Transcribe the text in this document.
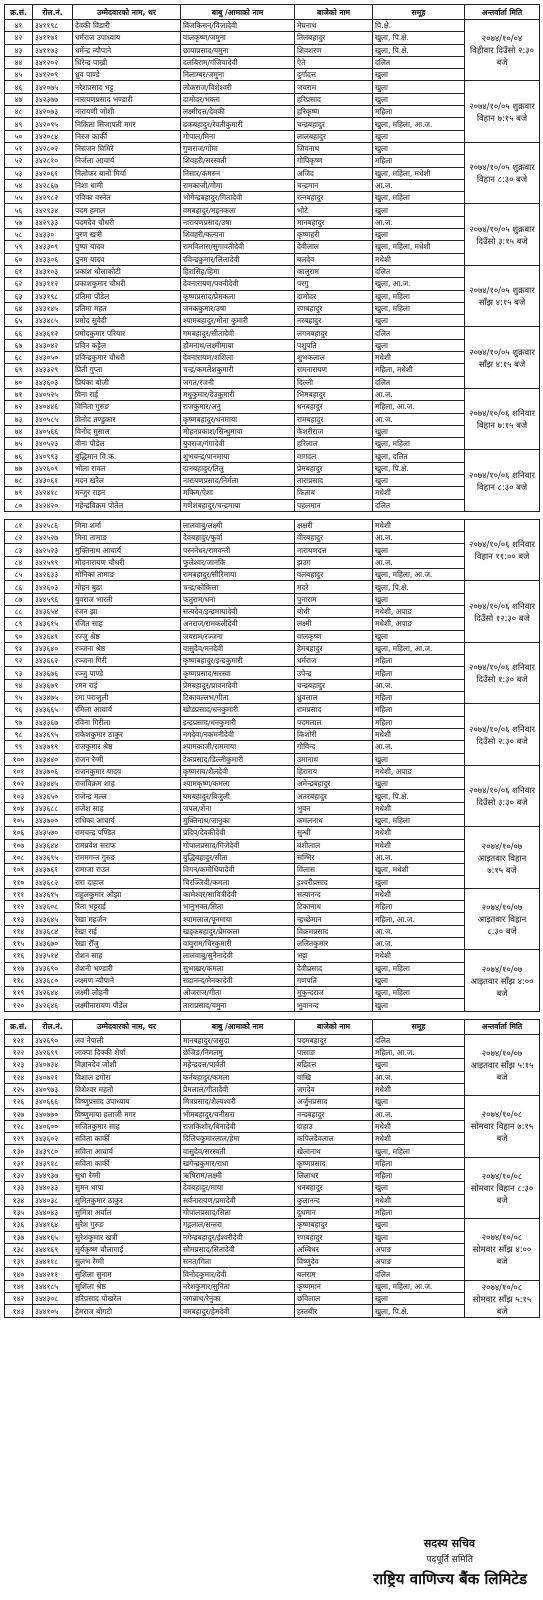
क्र.सं.	रोल.नं.	उम्मेदवारको नाम, थर	बाबु /आमाको नाम	बाजेको नाम	समूह	अन्तर्वार्ता मिति
४१	३४११९८	देवकी विडारी	विजकिसन/विजादेवी	मेघनाथ	पि.क्षे.	२०७४/१०/०४ विहीवार दिउँसो २:३० बजे
४२	३४११७१	धर्मराज उपाध्याय	वालकृष्ण/जमुना	तिलबहादुर	खुला, पि.क्षे.	
४३	३४११७३	धर्मेन्द्र न्यौपाने	छायाप्रसाद/यमुना	शिवशरण	खुला, पि.क्षे.	
४४	३४१२०२	धिरेन्द्र पाख्री	दलबिराम/गंजियादेवी	ऐते	दलित	
४५	३४१२०९	ध्रुव पाण्डे	निलाम्बर/जमुना	दुर्गादत्त	खुला	
४६	३४२०७५	नरेशप्रसाद भट्ट	लोकराज/विशेश्वरी	जयराम	खुला	२०७४/१०/०५ शुक्रवार विहान ७:१५ बजे
४७	३४२३७७	नारायणप्रसाद भण्डारी	दामोदर/भक्ता	हरिप्रसाद	खुला	
४८	३४२०७३	नारायणी जोशी	लक्ष्मीदत्त/देवकी	हरिकृष्ण	महिला	
४९	३४२०९५	निकिता सिजापती मगर	ढकबहादुर/रेवतीकुमारी	चन्द्रबहादुर	खुला, महिला, आ.ज.	
५०	३४२०८४	निरज कार्की	गोपाल/मिना	लालबहादुर	खुला	
५१	३४२८०२	निराजन घिमिरे	गुणराज/गोमा	जिवनाथ	खुला	२०७४/१०/०५ शुक्रवार विहान ८:३० बजे
५२	३४२८१०	निर्जला आचार्य	शिवहरी/सरस्वती	गोपिकृष्ण	महिला	
५३	३४२०६१	निलोफर बानो मिर्या	निसार/कमरुन	अजिद	खुला, महिला, मधेशी	
५४	३४२८६७	निशा धामी	रामकाजी/गोमा	चन्द्रमान	आ.ज.	
५५	३४२९८२	पविका वस्नेत	भोगेन्द्रबहादुर/गितादेवी	रत्नबहादुर	खुला, महिला	
५६	३४२९३४	पदम हमाल	वमबहादुर/मइनकला	भोटे	खुला	२०७४/१०/०५ शुक्रवार दिउँसो ३:१५ बजे
५७	३४२९३३	पदमदेव चौधरी	नारायणप्रसाद/उषा	मानबहादुर	आ.ज.	
५८	३४३३०	पुरण खत्री	शिवहरी/कल्पना	कृष्णहरी	खुला	
५९	३४३३०९	पुष्पा यादव	रामविलास/सुगावतीदेवी	देवीलाल	खुला, महिला, मधेशी	
६०	३४३३०६	पुनम यादव	रविन्द्रकुमार/लिलादेवी	बलदेव	मधेशी	
६१	३४३१०३	प्रकाश धौलाकोटी	हिरासिंह/हिमा	कालुराम	दलित	२०७४/१०/०५ शुक्रवार साँझ ४:१५ बजे
६२	३४३११२	प्रकाशकुमार चौधरी	देवनारायण/पवनीदेवी	परगु	खुला, आ.ज.	
६३	३४३१९८	प्रतिमा पौडेल	कृष्णप्रसाद/प्रेमकला	दामोदर	खुला, महिला	
६४	३४३१४५	प्रतिमा महत	जनककुमार/उषा	रणबहादुर	खुला, महिला	
६५	३४३४८५	प्रमोद सुवेदी	श्यामबहादुर/मोना कुमारी	नरबहादुर	खुला	
६६	३४३६१२	प्रमोदकुमार परियार	गमबहादुर/सीतादेवी	लगनबहादुर	दलित	२०७४/१०/०५ शुक्रवार साँझ ४:१५ बजे
६७	३४३०४२	प्रविन कट्टेल	होमनाथ/लक्ष्मीमाया	पशुपति	खुला	
६८	३४३०५०	प्रविन्द्रकुमार चौधरी	देवनारायण/शशिला	शुभकलाल	मधेशी	
६९	३४३३२९	प्रिती गुप्ता	चन्द्र/कमलेशकुमारी	रामनारायण	महिला, मधेशी	
७०	३४३६०३	प्रियंका बोजी	जगत/रजनी	दिल्ली	दलित	
७१	३४०५२५	विना राई	मधुकुमार/देउकुमारी	भिमबहादुर	आ.ज.	२०७४/१०/०६ शनिवार विहान ७:१५ बजे
७२	३४०४४६	विनिता गुरुङ	राजकुमार/अनु	धनबहादुर	महिला, आ.ज.	
७३	३४०५८५	विनोद तण्डुकार	कृष्णबहादुर/धनमाया	रामबहादुर	आ.ज.	
७४	३४०५६६	विनोद मुसाल	मोहनप्रकाश/सिन्धुमाया	केशरीराज	खुला	
७५	३४०५२३	वीना पौडेल	युवराज/गंगादेवी	हरिलाल	खुला, महिला	
७६	३४०९९३	बुद्धिमान वि.क.	शुभचन्द्र/पानमाया	वागदल	खुला, दलित	२०७४/१०/०६ शनिवार विहान ८:३० बजे
७७	३४२६०९	भोला रावल	दानबहादुर/तिलु	प्रेमबहादुर	खुला, पि.क्षे.	
७८	३४३०६१	मदन खरेल	नारायणप्रसाद/निर्मला	ताराप्रसाद	खुला	
७९	३४२४१८	मन्जुर राइन	मकिम/ऐशा	किताब	मधेशी	
८०	३४२४२०	महेन्द्रविक्रम पोतेल	गणेशबहादुर/चन्द्रमाया	पहलमान	दलित	
८१	३४२५८६	मिना शर्मा	लालवाबु/लक्ष्मी	क्षक्षरी	मधेशी	२०७४/१०/०६ शनिवार विहान ११:०० बजे
८२	३४२५२७	मिना तामाङ	देवबहादुर/फुर्वा	वीरबहादुर	आ.ज.	
८३	३४२५२३	मुक्तिनाथ आचार्य	पस्ननेधर/रामवन्ती	नारायणदत्त	खुला	
८४	३४२५९९	मोदनारायण चौधरी	फुलेश्वर/जानकि	झउग	आ.ज.	
८५	३४२६३३	मोनिका तामाङ	रामबहादुर/सीरिमाया	वलबहादुर	खुला, महिला, आ.ज.	
८६	३४२६०३	मोहन बुढा	चन्द्र/कोकिला	मदरे	खुला, पि.क्षे.	२०७४/१०/०६ शनिवार दिउँसो १२:३० बजे
८७	३४४५९६	युवराज भारती	फतुराम/धना	पुनाराम	खुला	
८८	३४३६५४	रंजन झा	सत्यदेव/इन्द्रमायादेवी	बोधी	मधेशी, अपाङ	
८९	३४३६१५	रंजित साह	अनराज/रामकलीदेवी	लक्ष्मी	मधेशी, अपाङ	
९०	३४३६४९	रज्जु श्रेष्ठ	जयराम/रञ्जना	वालकृष्ण	खुला	
९१	३४३६४०	रञ्जना श्रेष्ठ	वासुदेव/मनदेवी	हेमबहादुर	खुला, महिला, आ.ज.	२०७४/१०/०६ शनिवार दिउँसो १:३० बजे
९२	३४३६६२	रञ्जना गिरी	कृष्णबहादुर/इन्द्रकुमारी	धर्मराज	महिला	
९३	३४३६७६	रञ्जु पाण्डे	कृष्णप्रसाद/सरस्वा	उपेन्द्र	महिला	
९४	३४३६७९	रमन राई	प्रेमबहादुर/प्रावनादेवी	चन्द्रबहादुर	आ.ज.	
९५	३४३४७५	रमा पराजुली	टिकावल्लभ/गीता	ध्रुवलाल	महिला	
९६	३४३६६५	रमिला आचार्य	खोडप्रसाद/धनकुमारी	रामप्रसाद	महिला	२०७४/१०/०६ शनिवार दिउँसो २:३० बजे
९७	३४३३६७	रविना गिरीला	इन्द्रप्रसाद/धनकुमारी	पदमलाल	महिला	
९८	३४३६९५	राकेशकुमार ठाकुर	नगदेवा/नकमनीदेवी	किशोरी	मधेशी	
९९	३४३७१९	राजकुमार श्रेष्ठ	श्यामकाजी/राममाया	गोविन्द	आ.ज.	
१००	३४३४४०	राजन रेग्मी	टेकप्रसाद/डिल्लीकुमारी	उमानाथ	खुला	
१०१	३४३७०६	राजनकुमार यादव	कृष्णराय/शैलदेवी	हिराराय	मधेशी, अपाङ	२०७४/१०/०६ शनिवार दिउँसो ३:३० बजे
१०२	३४३४४५	राजविक्रम शाह	श्यामकृष्ण/कमला	अमेन्द्रबहादुर	खुला	
१०३	३४३६५०	राजेन्द्र मल्ल	यमबहादुर/बिजुली	अतरबहादुर	खुला, पि.क्षे.	
१०४	३४३६८८	राजेश साह	जपल/शेना	भुवन	मधेशी	
१०५	३४३७००	राधिका आचार्य	मुक्तिनाथ/जानुका	कमलनाथ	खुला, महिला	
१०६	३४३५७०	रामचन्द्र पण्डित	प्रदिप/देवकीदेवी	सुन्धी	मधेशी	२०७४/१०/०७ आइतवार विहान ७:१५ बजे
१०७	३४३६४४	रामप्रवेश सराफ	गोपालप्रसाद/गिजेदेवी	बंशीलाल	मधेशी	
१०८	३४३६९५	राममगन्त गुरुङ	बुद्धिबहादुर/सीता	सम्भिर	आ.ज.	
१०९	३४३७६१	रामाजा राउत	विगन/कमोधियादेवी	विलास	खुला, मधेशी	
११०	३४३६८२	रारा दाहाल	चिरञ्जिवी/कमला	इश्वरीप्रसाद	खुला	
१११	३४३६१५	राहुलकुमार ओझा	कामेश्वर/सावित्रीदेवी	सत्यानन्द	मधेशी	२०७४/१०/०७ आइतवार विहान ८:३० बजे
११२	३४३६०८	रिता भट्टराई	भानुभक्त/सिता	टिकानाथ	महिला	
११३	३४३६४५	रेखा महर्जन	श्यामलाल/पूनमाया	न्हच्छेमान	महिला, आ.ज.	
११४	३४३६८४	रेखा राई	खड्कबहादुर/प्रेमकला	विक्रमप्रसाद	आ.ज.	
११५	३४३६७०	रेखा रौँजु	वावुराम/चिरकुमारी	ललितकुमार	आ.ज.	
११६	३४३५१४	रोशन साह	लालवाबु/सुनैनादेवी	भट्टा	मधेशी	२०७४/१०/०७ आइतवार साँझ ४:०० बजे
११७	३४३६९०	रोशनी भण्डारी	सुभाखर/कमला	देवीप्रसाद	खुला, महिला	
११८	३४३६८०	लक्ष्मण न्यौपाने	सदानन्द/मेनकादेवी	गणपति	खुला	
११९	३४२६४४	लक्ष्मी लोहनी	ओजराज/गीता	मुकुन्दराज	खुला, महिला	
१२०	३४२६४६	लक्ष्मीनारायण पौडेल	ताराप्रसाद/यमुना	भुवानन्द	खुला	
क्र.सं.	रोल.नं.	उम्मेदवारको नाम, थर	बाबु /आमाको नाम	बाजेको नाम	समूह	अन्तर्वार्ता मिति
१२१	३४२६९०	लव नेपाली	मानबहादुर/जसुदा	पदमबहादुर	दलित	२०७४/१०/०७ आइतवार साँझ ५:१५ बजे
१२२	३४२६९९	लाक्पा दिक्की शेर्पा	छेजिङ/निमलमु	पासाङ	महिला, आ.ज.	
१२३	३४०७३४	विज्ञानदेव जोशी	महेन्द्रदत्त/पार्वती	बद्रिदत्त	खुला	
१२४	३४०७२१	विशाल ढगोरा	कर्नबहादुर/कमला	वाखि	आ.ज.	
१२५	३४०९७३	विशेश्वर महतो	प्रेमलाल/गीतादेवी	जगदेव	मधेशी	
१२६	३४०६६६	विष्णुप्रसाद उपाध्याय	मित्रप्रसाद/शैल्यश्वरी	अर्जुनप्रसाद	खुला	२०७४/१०/०८ सोमवार विहान ७:१५ बजे
१२७	३४०७७०	विष्णुमाया हलाजी मगर	भीमबहादुर/चनीसरा	नन्दबहादुर	आ.ज.	
१२८	३४०६००	सजितकुमार साह	राजकिशोर/बिनादेवी	दाहाउ	मधेशी	
१२९	३४३६०२	सविता कार्की	दिलिपकुमारलाल/हेमा	कपिलदेवलाल	मधेशी	
१३०	३४३९८०	सविता आचार्य	वासुदेव/सरस्वती	खेलानाथ	खुला, महिला	
१३१	३४३९१८	सविता कार्की	खगेन्द्रकुमार/राधा	कृष्णप्रसाद	महिला	२०७४/१०/०८ सोमवार विहान ८:३० बजे
१३२	३४४९३७	सुधा रेग्मी	ऋषिराम/लक्ष्मी	लिलाधर	महिला	
१३३	३४४०३३	सुमन थापा	देवबहादुर/माया	धनबहादुर	खुला	
१३४	३४४०३८	सुमितकुमार ठाकुर	सर्वनारायण/प्रमादेवी	कुलानन्द	मधेशी	
१३५	३४४०४३	सुमित्रा अर्याल	गोपालप्रसाद/सिता	दुधमान	महिला	
१३६	३४४१६४	सुरेश गुरुङ	गद्गलाल/सन्तरा	कृष्णबहादुर	खुला	२०७४/१०/०८ सोमवार साँझ ४:०० बजे
१३७	३४४१६५	सुरेशकुमार खत्री	नगेन्द्रबहादुर/ईश्वरीदेवी	रणबहादुर	खुला	
१३८	३४४१६९	सुर्यकृष्ण चौलागाई	सोमप्रसाद/सितादेवी	अम्बिधर	अपाङ	
१३९	३४४११८	सुलभ रेग्मी	सनत/गिता	विष्णुदेव	अपाङ	
१४०	३४४२११	सुशिला सुनाम	विनोदकुमार/देवी	बलराम	दलित	
१४१	३४४१८५	सुशिला श्रेष्ठ	नरेशकुमार/सुनिता	कृष्णमान	खुला, महिला, आ.ज.	२०७४/१०/०८ सोमवार साँझ ५:१५ बजे
१४२	३४४३०८	हरिप्रसाद पोखरेल	जगन्नाथ/रेनुका	छविलाल	खुला	
१४३	३४४१०५	हेमराज बोगटी	वमबहादुर/हेमदेवी	हस्तबीर	खुला, पि.क्षे.	
सदस्य सचिव
पदपूर्ति समिति
राष्ट्रिय वाणिज्य बैंक लिमिटेड
